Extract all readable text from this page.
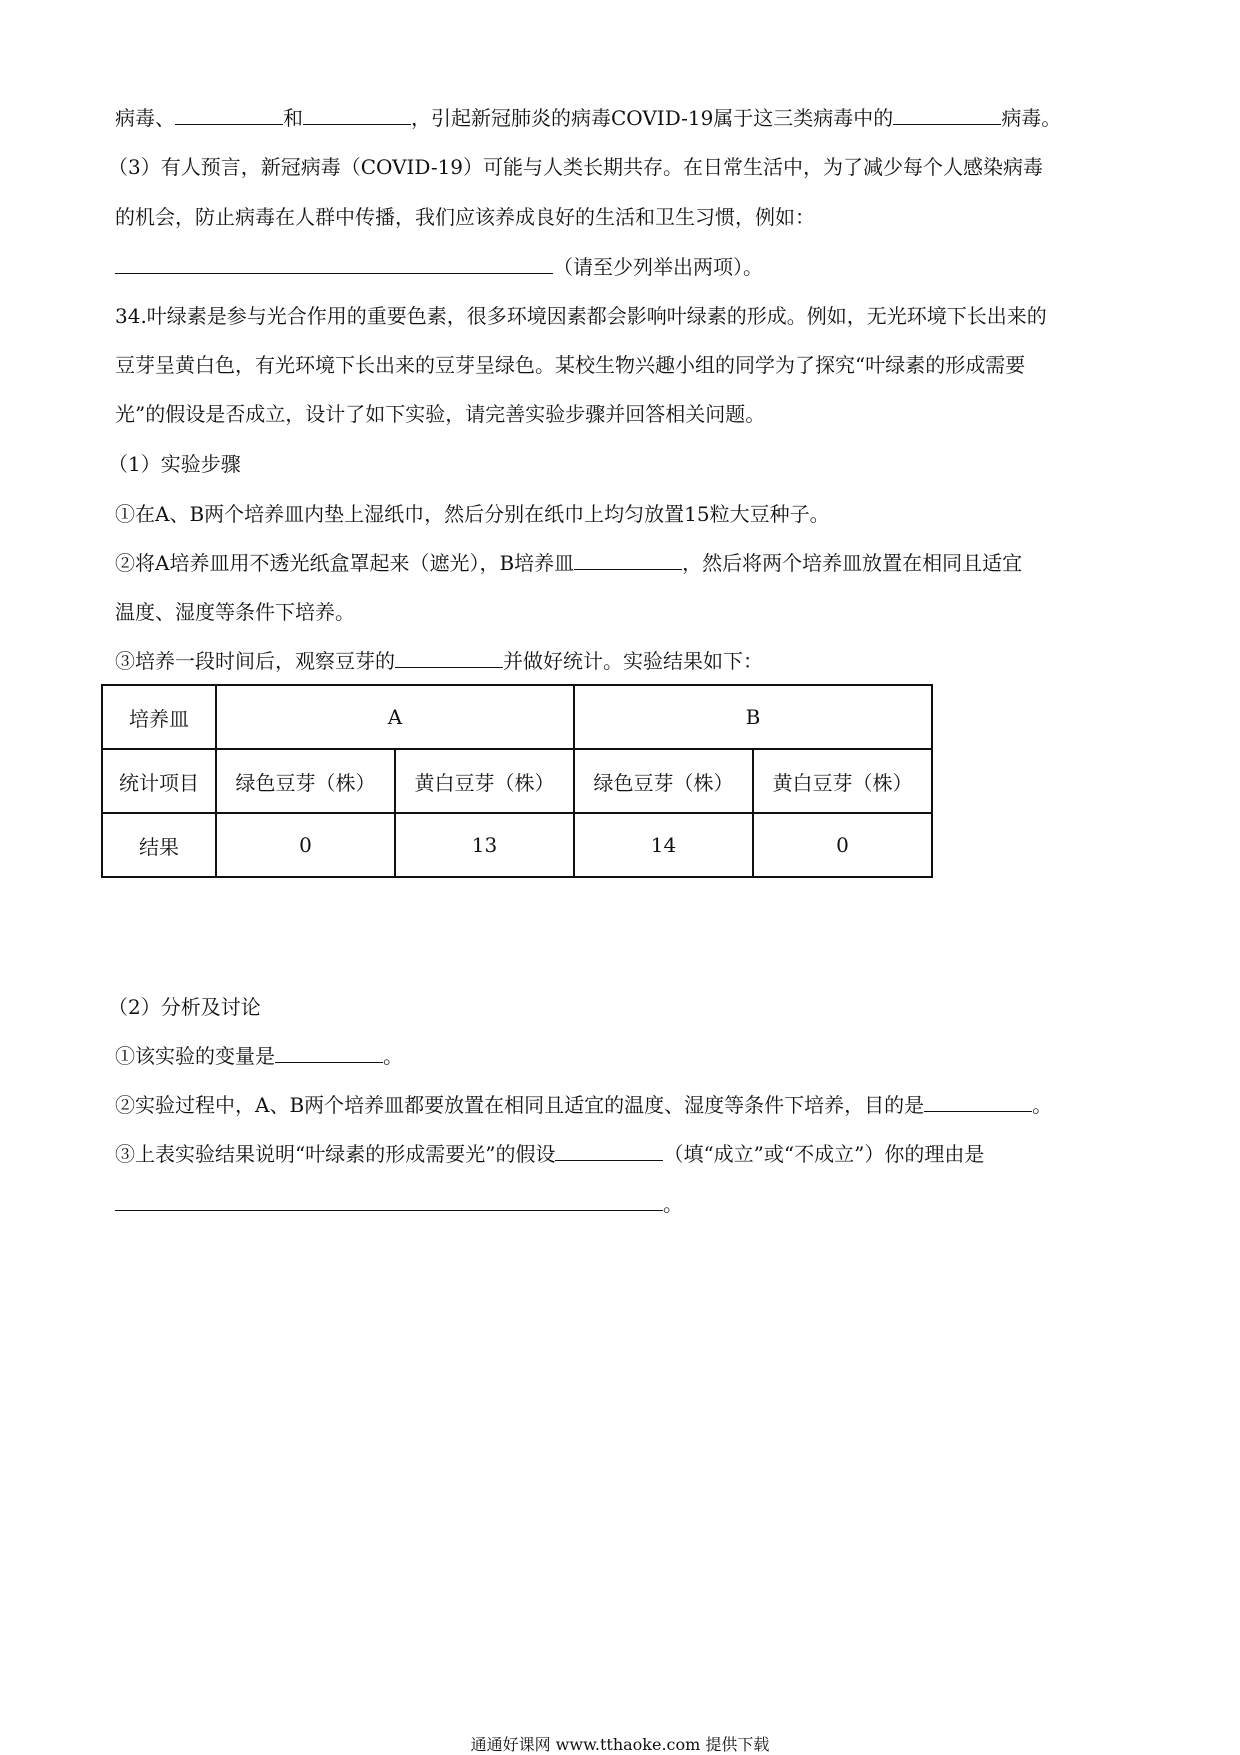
病毒、	和	，引起新冠肺炎的病毒COVID-19属于这三类病毒中的	病毒。
（3）有人预言，新冠病毒（COVID-19）可能与人类长期共存。在日常生活中，为了减少每个人感染病毒
的机会，防止病毒在人群中传播，我们应该养成良好的生活和卫生习惯，例如：
（请至少列举出两项）。
34.叶绿素是参与光合作用的重要色素，很多环境因素都会影响叶绿素的形成。例如，无光环境下长出来的
豆芽呈黄白色，有光环境下长出来的豆芽呈绿色。某校生物兴趣小组的同学为了探究“叶绿素的形成需要
光”的假设是否成立，设计了如下实验，请完善实验步骤并回答相关问题。
（1）实验步骤
①在A、B两个培养皿内垫上湿纸巾，然后分别在纸巾上均匀放置15粒大豆种子。
②将A培养皿用不透光纸盒罩起来（遮光），B培养皿	，然后将两个培养皿放置在相同且适宜
温度、湿度等条件下培养。
③培养一段时间后，观察豆芽的	并做好统计。实验结果如下：
培养皿	A		B	
统计项目	绿色豆芽（株）	黄白豆芽（株）	绿色豆芽（株）	黄白豆芽（株）
结果	0	13	14	0
（2）分析及讨论
①该实验的变量是	。
②实验过程中，A、B两个培养皿都要放置在相同且适宜的温度、湿度等条件下培养，目的是	。
③上表实验结果说明“叶绿素的形成需要光”的假设	（填“成立”或“不成立”）你的理由是
。
通通好课网 www.tthaoke.com 提供下载
